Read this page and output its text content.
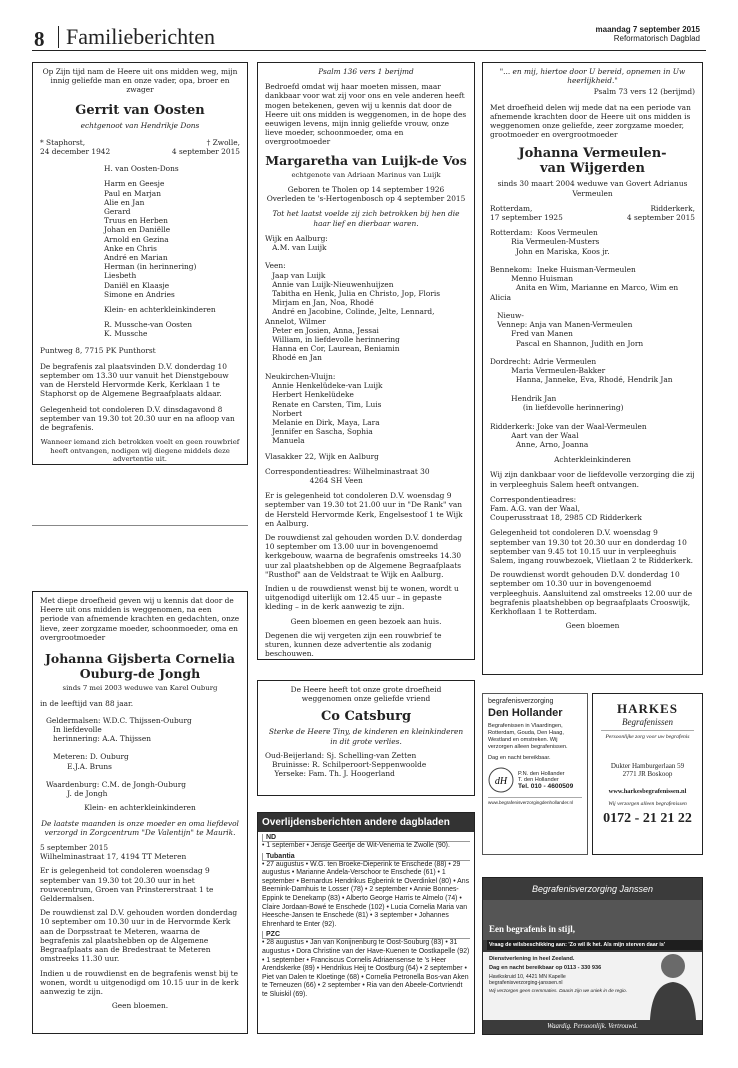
8 Familieberichten	maandag 7 september 2015
Reformatorisch Dagblad

Op Zijn tijd nam de Heere uit ons midden weg, mijn innig geliefde man en onze vader, opa, broer en zwager

Gerrit van Oosten

echtgenoot van Hendrikje Dons

* Staphorst,
24 december 1942

† Zwolle,
4 september 2015

H. van Oosten-Dons

Harm en Geesje

Paul en Marjan

Alie en Jan

Gerard

Truus en Herben

Johan en Daniëlle

Arnold en Gezina

Anke en Chris

André en Marian

Herman (in herinnering)

Liesbeth

Daniël en Klaasje

Simone en Andries

Klein- en achterkleinkinderen

R. Mussche-van Oosten

K. Mussche

Puntweg 8, 7715 PK Punthorst

De begrafenis zal plaatsvinden D.V. donderdag 10 september om 13.30 uur vanuit het Dienstgebouw van de Hersteld Hervormde Kerk, Kerklaan 1 te Staphorst op de Algemene Begraafplaats aldaar.

Gelegenheid tot condoleren D.V. dinsdagavond 8 september van 19.30 tot 20.30 uur en na afloop van de begrafenis.

Wanneer iemand zich betrokken voelt en geen rouwbrief heeft ontvangen, nodigen wij diegene middels deze advertentie uit.

Met diepe droefheid geven wij u kennis dat door de Heere uit ons midden is weggenomen, na een periode van afnemende krachten en gedachten, onze lieve, zeer zorgzame moeder, schoonmoeder, oma en overgrootmoeder

Johanna Gijsberta Cornelia Ouburg-de Jongh

sinds 7 mei 2003 weduwe van Karel Ouburg

in de leeftijd van 88 jaar.

Geldermalsen: W.D.C. Thijssen-Ouburg
In liefdevolle
herinnering: A.A. Thijssen

Meteren: D. Ouburg
E.J.A. Bruns

Waardenburg: C.M. de Jongh-Ouburg
J. de Jongh

Klein- en achterkleinkinderen

De laatste maanden is onze moeder en oma liefdevol verzorgd in Zorgcentrum "De Valentijn" te Maurik.

5 september 2015
Wilhelminastraat 17, 4194 TT Meteren

Er is gelegenheid tot condoleren woensdag 9 september van 19.30 tot 20.30 uur in het rouwcentrum, Groen van Prinstererstraat 1 te Geldermalsen.

De rouwdienst zal D.V. gehouden worden donderdag 10 september om 10.30 uur in de Hervormde Kerk aan de Dorpsstraat te Meteren, waarna de begrafenis zal plaatshebben op de Algemene Begraafplaats aan de Bredestraat te Meteren omstreeks 11.30 uur.

Indien u de rouwdienst en de begrafenis wenst bij te wonen, wordt u uitgenodigd om 10.15 uur in de kerk aanwezig te zijn.

Geen bloemen.

Psalm 136 vers 1 berijmd

Bedroefd omdat wij haar moeten missen, maar dankbaar voor wat zij voor ons en vele anderen heeft mogen betekenen, geven wij u kennis dat door de Heere uit ons midden is weggenomen, in de hope des eeuwigen levens, mijn innig geliefde vrouw, onze lieve moeder, schoonmoeder, oma en overgrootmoeder

Margaretha van Luijk-de Vos

echtgenote van Adriaan Marinus van Luijk

Geboren te Tholen op 14 september 1926
Overleden te 's-Hertogenbosch op 4 september 2015

Tot het laatst voelde zij zich betrokken bij hen die haar lief en dierbaar waren.

Wijk en Aalburg:
A.M. van Luijk

Veen:
Jaap van Luijk
Annie van Luijk-Nieuwenhuijzen
Tabitha en Henk, Julia en Christo, Jop, Floris
Mirjam en Jan, Noa, Rhodé
André en Jacobine, Colinde, Jelte, Lennard, Annelot, Wilmer
Peter en Josien, Anna, Jessai
William, in liefdevolle herinnering
Hanna en Cor, Laurean, Beniamin
Rhodé en Jan

Neukirchen-Vluijn:
Annie Henkelüdeke-van Luijk
Herbert Henkelüdeke
Renate en Carsten, Tim, Luis
Norbert
Melanie en Dirk, Maya, Lara
Jennifer en Sascha, Sophia
Manuela

Vlasakker 22, Wijk en Aalburg

Correspondentieadres: Wilhelminastraat 30
4264 SH Veen

Er is gelegenheid tot condoleren D.V. woensdag 9 september van 19.30 tot 21.00 uur in "De Rank" van de Hersteld Hervormde Kerk, Engelsestoof 1 te Wijk en Aalburg.

De rouwdienst zal gehouden worden D.V. donderdag 10 september om 13.00 uur in bovengenoemd kerkgebouw, waarna de begrafenis omstreeks 14.30 uur zal plaatshebben op de Algemene Begraafplaats "Rusthof" aan de Veldstraat te Wijk en Aalburg.

Indien u de rouwdienst wenst bij te wonen, wordt u uitgenodigd uiterlijk om 12.45 uur – in gepaste kleding – in de kerk aanwezig te zijn.

Geen bloemen en geen bezoek aan huis.

Degenen die wij vergeten zijn een rouwbrief te sturen, kunnen deze advertentie als zodanig beschouwen.

De Heere heeft tot onze grote droefheid weggenomen onze geliefde vriend

Co Catsburg

Sterke de Heere Tiny, de kinderen en kleinkinderen in dit grote verlies.

Oud-Beijerland: Sj. Schelling-van Zetten
Bruinisse: R. Schilperoort-Seppenwoolde
Yerseke: Fam. Th. J. Hoogerland

Overlijdensberichten andere dagbladen
ND

• 1 september • Jensje Geertje de Wit-Venema te Zwolle (90).

Tubantia

• 27 augustus • W.G. ten Broeke-Dieperink te Enschede (88) • 29 augustus • Marianne Andela-Verschoor te Enschede (61) • 1 september • Bernardus Hendrikus Egberink te Overdinkel (80) • Ans Beernink-Damhuis te Losser (78) • 2 september • Annie Bonnes-Eppink te Denekamp (83) • Alberto George Harris te Almelo (74) • Claire Jordaan-Bowé te Enschede (102) • Lucia Cornelia Maria van Heesche-Jansen te Enschede (81) • 3 september • Johannes Ehrenhard te Enter (92).

PZC

• 28 augustus • Jan van Konijnenburg te Oost-Souburg (83) • 31 augustus • Dora Christine van der Have-Kuenen te Oostkapelle (92) • 1 september • Franciscus Cornelis Adriaensense te 's Heer Arendskerke (89) • Hendrikus Heij te Oostburg (64) • 2 september • Piet van Dalen te Kloetinge (68) • Cornelia Petronella Bos-van Aken te Terneuzen (66) • 2 september • Ria van den Abeele-Cortvriendt te Sluiskil (69).

"... en mij, hiertoe door U bereid, opnemen in Uw heerlijkheid."

Psalm 73 vers 12 (berijmd)

Met droefheid delen wij mede dat na een periode van afnemende krachten door de Heere uit ons midden is weggenomen onze geliefde, zeer zorgzame moeder, grootmoeder en overgrootmoeder

Johanna Vermeulen-van Wijgerden

sinds 30 maart 2004 weduwe van Govert Adrianus Vermeulen

Rotterdam,
17 september 1925

Ridderkerk,
4 september 2015

Rotterdam:  Koos Vermeulen
Ria Vermeulen-Musters
John en Mariska, Koos jr.

Bennekom:  Ineke Huisman-Vermeulen
Menno Huisman
Anita en Wim, Marianne en Marco, Wim en Alicia

Nieuw-
Vennep: Anja van Manen-Vermeulen
Fred van Manen
Pascal en Shannon, Judith en Jorn

Dordrecht: Adrie Vermeulen
Maria Vermeulen-Bakker
Hanna, Janneke, Eva, Rhodé, Hendrik Jan

Hendrik Jan
(in liefdevolle herinnering)

Ridderkerk: Joke van der Waal-Vermeulen
Aart van der Waal
Anne, Arno, Joanna

Achterkleinkinderen

Wij zijn dankbaar voor de liefdevolle verzorging die zij in verpleeghuis Salem heeft ontvangen.

Correspondentieadres:
Fam. A.G. van der Waal,
Couperusstraat 18, 2985 CD Ridderkerk

Gelegenheid tot condoleren D.V. woensdag 9 september van 19.30 tot 20.30 uur en donderdag 10 september van 9.45 tot 10.15 uur in verpleeghuis Salem, ingang rouwbezoek, Vlietlaan 2 te Ridderkerk.

De rouwdienst wordt gehouden D.V. donderdag 10 september om 10.30 uur in bovengenoemd verpleeghuis. Aansluitend zal omstreeks 12.00 uur de begrafenis plaatshebben op begraafplaats Crooswijk, Kerkhoflaan 1 te Rotterdam.

Geen bloemen

begrafenisverzorging
Den Hollander
Begrafenissen in Vlaardingen, Rotterdam, Gouda, Den Haag, Westland en omstreken. Wij verzorgen alleen begrafenissen.
Dag en nacht bereikbaar.
dH
P.N. den Hollander
T. den Hollander
Tel. 010 - 4600509
www.begrafenisverzorgingdenhollander.nl
HARKES
Begrafenissen
Persoonlijke zorg voor uw begrafenis
Dukter Hamburgerlaan 59
2771 JR Boskoop
www.harkesbegrafenissen.nl
Wij verzorgen alleen begrafenissen
0172 - 21 21 22
Begrafenisverzorging Janssen
Een begrafenis in stijl,
Vraag de wilsbeschikking aan: 'Zo wil ik het. Als mijn sterven daar is'
Dienstverlening in heel Zeeland.
Dag en nacht bereikbaar op 0113 - 330 936
Havikskruid 10, 4421 MN Kapelle
begrafenisverzorging-janssen.nl
Wij verzorgen geen cremmaties. Daarin zijn we uniek in de regio.
Waardig. Persoonlijk. Vertrouwd.
